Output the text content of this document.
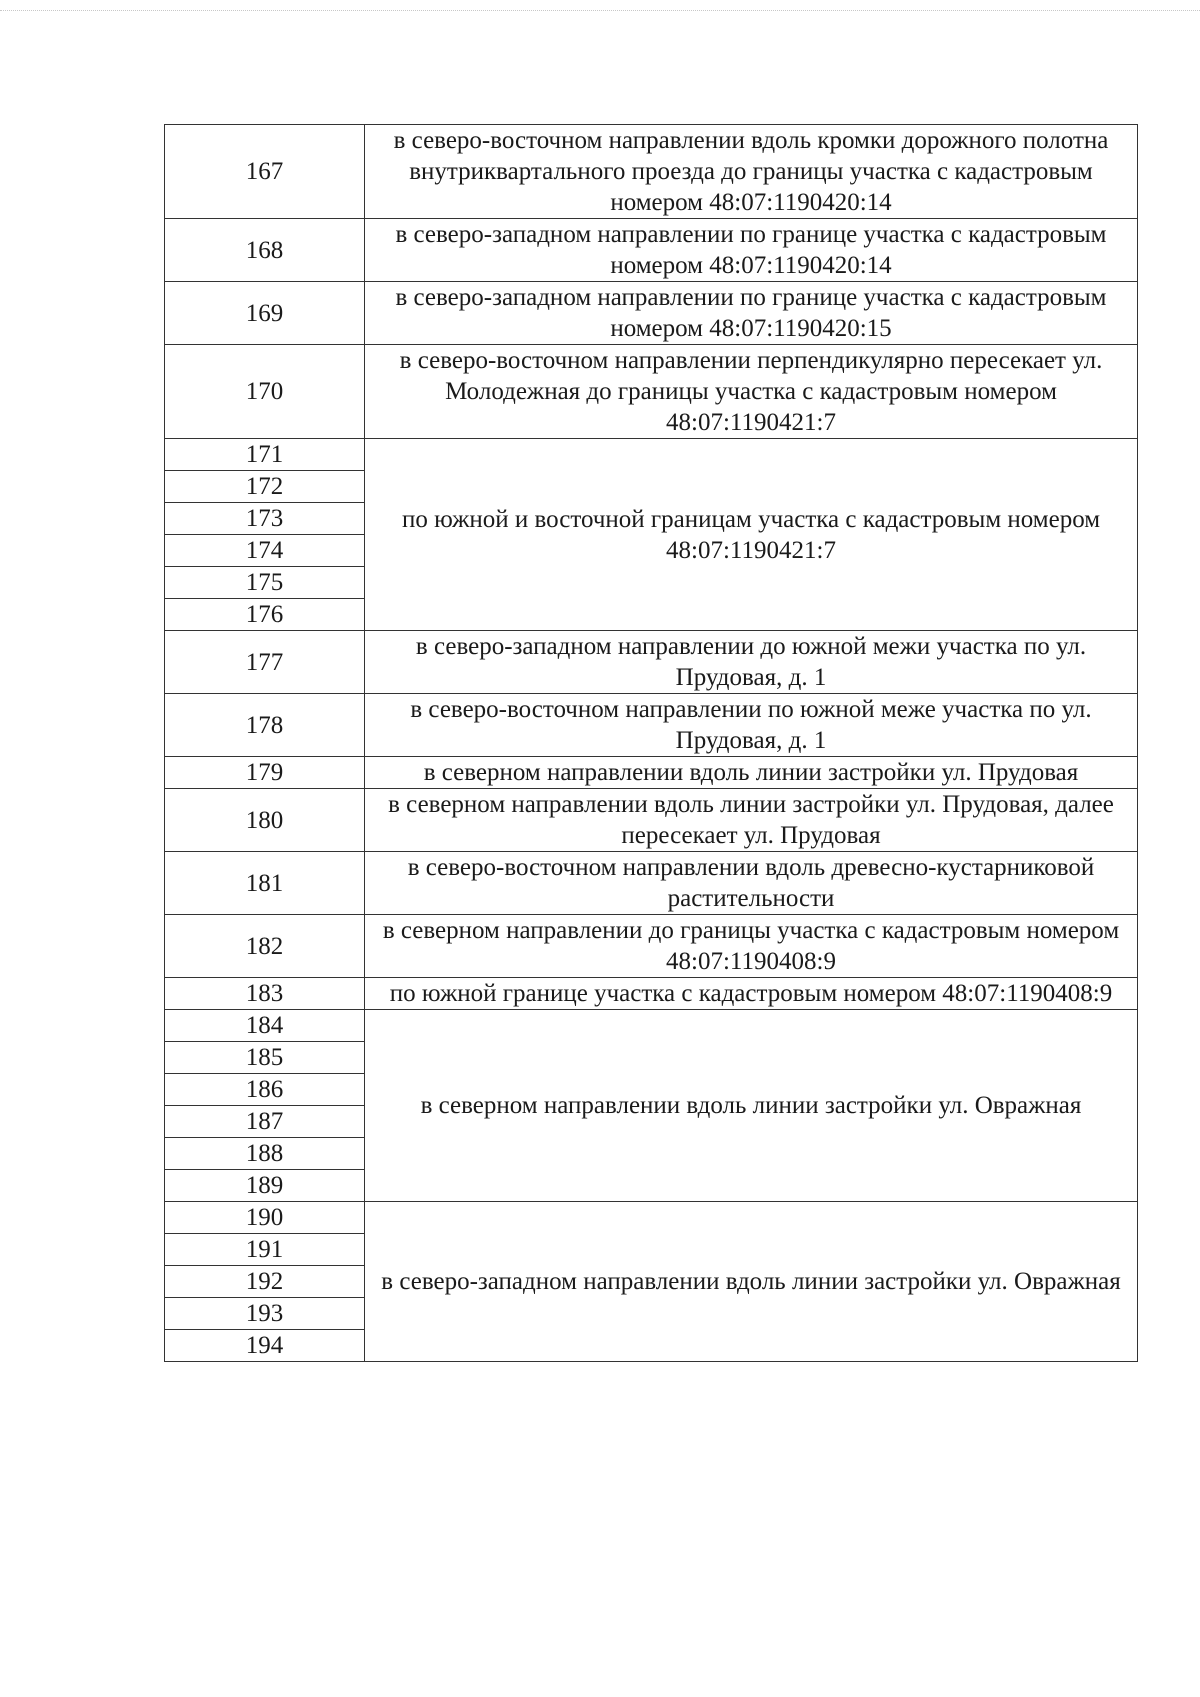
167	в северо-восточном направлении вдоль кромки дорожного полотна внутриквартального проезда до границы участка с кадастровым номером 48:07:1190420:14
168	в северо-западном направлении по границе участка с кадастровым номером 48:07:1190420:14
169	в северо-западном направлении по границе участка с кадастровым номером 48:07:1190420:15
170	в северо-восточном направлении перпендикулярно пересекает ул. Молодежная до границы участка с кадастровым номером 48:07:1190421:7
171	по южной и восточной границам участка с кадастровым номером 48:07:1190421:7
172	
173	
174	
175	
176	
177	в северо-западном направлении до южной межи участка по ул. Прудовая, д. 1
178	в северо-восточном направлении по южной меже участка по ул. Прудовая, д. 1
179	в северном направлении вдоль линии застройки ул. Прудовая
180	в северном направлении вдоль линии застройки ул. Прудовая, далее пересекает ул. Прудовая
181	в северо-восточном направлении вдоль древесно-кустарниковой растительности
182	в северном направлении до границы участка с кадастровым номером 48:07:1190408:9
183	по южной границе участка с кадастровым номером 48:07:1190408:9
184	в северном направлении вдоль линии застройки ул. Овражная
185	
186	
187	
188	
189	
190	в северо-западном направлении вдоль линии застройки ул. Овражная
191	
192	
193	
194	
